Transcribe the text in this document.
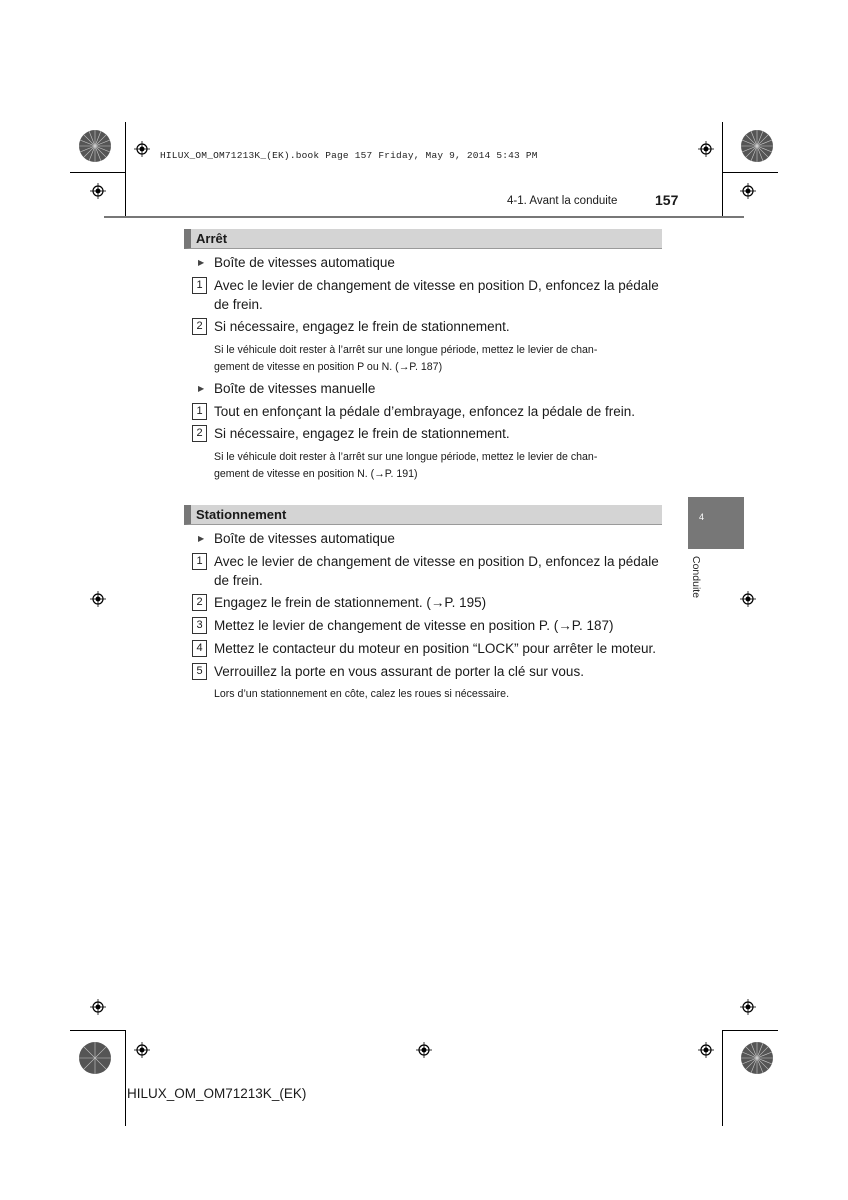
HILUX_OM_OM71213K_(EK).book Page 157 Friday, May 9, 2014 5:43 PM
4-1. Avant la conduite	157
4
Conduite
Arrêt
▶ Boîte de vitesses automatique
1 Avec le levier de changement de vitesse en position D, enfoncez la pédale
de frein.
2 Si nécessaire, engagez le frein de stationnement.
Si le véhicule doit rester à l’arrêt sur une longue période, mettez le levier de chan-
gement de vitesse en position P ou N. (→P. 187)
▶ Boîte de vitesses manuelle
1 Tout en enfonçant la pédale d’embrayage, enfoncez la pédale de frein.
2 Si nécessaire, engagez le frein de stationnement.
Si le véhicule doit rester à l’arrêt sur une longue période, mettez le levier de chan-
gement de vitesse en position N. (→P. 191)
Stationnement
▶ Boîte de vitesses automatique
1 Avec le levier de changement de vitesse en position D, enfoncez la pédale
de frein.
2 Engagez le frein de stationnement. (→P. 195)
3 Mettez le levier de changement de vitesse en position P. (→P. 187)
4 Mettez le contacteur du moteur en position “LOCK” pour arrêter le moteur.
5 Verrouillez la porte en vous assurant de porter la clé sur vous.
Lors d’un stationnement en côte, calez les roues si nécessaire.
HILUX_OM_OM71213K_(EK)
